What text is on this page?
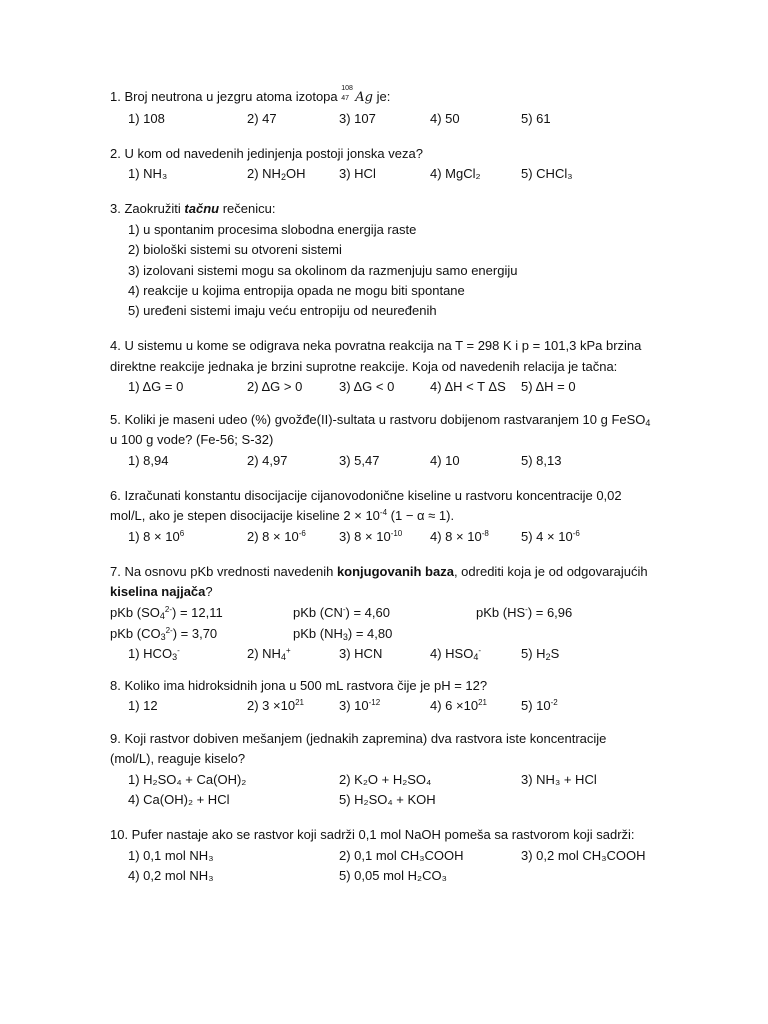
1. Broj neutrona u jezgru atoma izotopa
108
47 Ag je:
1) 108	2) 47	3) 107	4) 50	5) 61
2. U kom od navedenih jedinjenja postoji jonska veza?
1) NH₃	2) $NH_2OH$	3) HCl	4) MgCl₂	5) CHCl₃
3. Zaokružiti tačnu rečenicu:
1) u spontanim procesima slobodna energija raste
2) biološki sistemi su otvoreni sistemi
3) izolovani sistemi mogu sa okolinom da razmenjuju samo energiju
4) reakcije u kojima entropija opada ne mogu biti spontane
5) uređeni sistemi imaju veću entropiju od neuređenih
4. U sistemu u kome se odigrava neka povratna reakcija na T = 298 K i p = 101,3 kPa brzina
direktne reakcije jednaka je brzini suprotne reakcije. Koja od navedenih relacija je tačna:
1) ΔG = 0	2) ΔG > 0	3) ΔG < 0	4) ΔH < T ΔS 5) ΔH = 0
5. Koliki je maseni udeo (%) gvožđe(II)-sultata u rastvoru dobijenom rastvaranjem 10 g FeSO$_4$
u 100 g vode? (Fe-56; S-32)
1) 8,94	2) 4,97	3) 5,47	4) 10	5) 8,13
6. Izračunati konstantu disocijacije cijanovodonične kiseline u rastvoru koncentracije 0,02
mol/L, ako je stepen disocijacije kiseline $2 \times 10^{-4}$ (1 − α ≈ 1).
1) $8 \times 10^6$	2) $8 \times 10^{-6}$	3) $8 \times 10^{-10}$ 4) $8 \times 10^{-8}$ 5) $4 \times 10^{-6}$
7. Na osnovu pKb vrednosti navedenih konjugovanih baza, odrediti koja je od odgovarajućih
kiselina najjača?
pKb $(SO_4^{2-}) = 12,11$	pKb (CN-) = 4,60	pKb (HS-) = 6,96
pKb $(CO_3^{2-}) = 3,70$	pKb $(NH_3) = 4,80$
1) $HCO_3^-$	2) $NH_4^+$	3) HCN	4) $HSO_4^-$	5) $H_2S$
8. Koliko ima hidroksidnih jona u 500 mL rastvora čije je pH = 12?
1) 12	2) $3 \times 10^{21}$	3) $10^{-12}$	4) $6 \times 10^{21}$	5) $10^{-2}$
9. Koji rastvor dobiven mešanjem (jednakih zapremina) dva rastvora iste koncentracije
(mol/L), reaguje kiselo?
1) H₂SO₄ + Ca(OH)₂	2) K₂O + H₂SO₄	3) NH₃ + HCl
4) Ca(OH)₂ + HCl	5) H₂SO₄ + KOH
10. Pufer nastaje ako se rastvor koji sadrži 0,1 mol NaOH pomeša sa rastvorom koji sadrži:
1) 0,1 mol NH₃	2) 0,1 mol CH₃COOH	3) 0,2 mol CH₃COOH
4) 0,2 mol NH₃	5) 0,05 mol H₂CO₃
